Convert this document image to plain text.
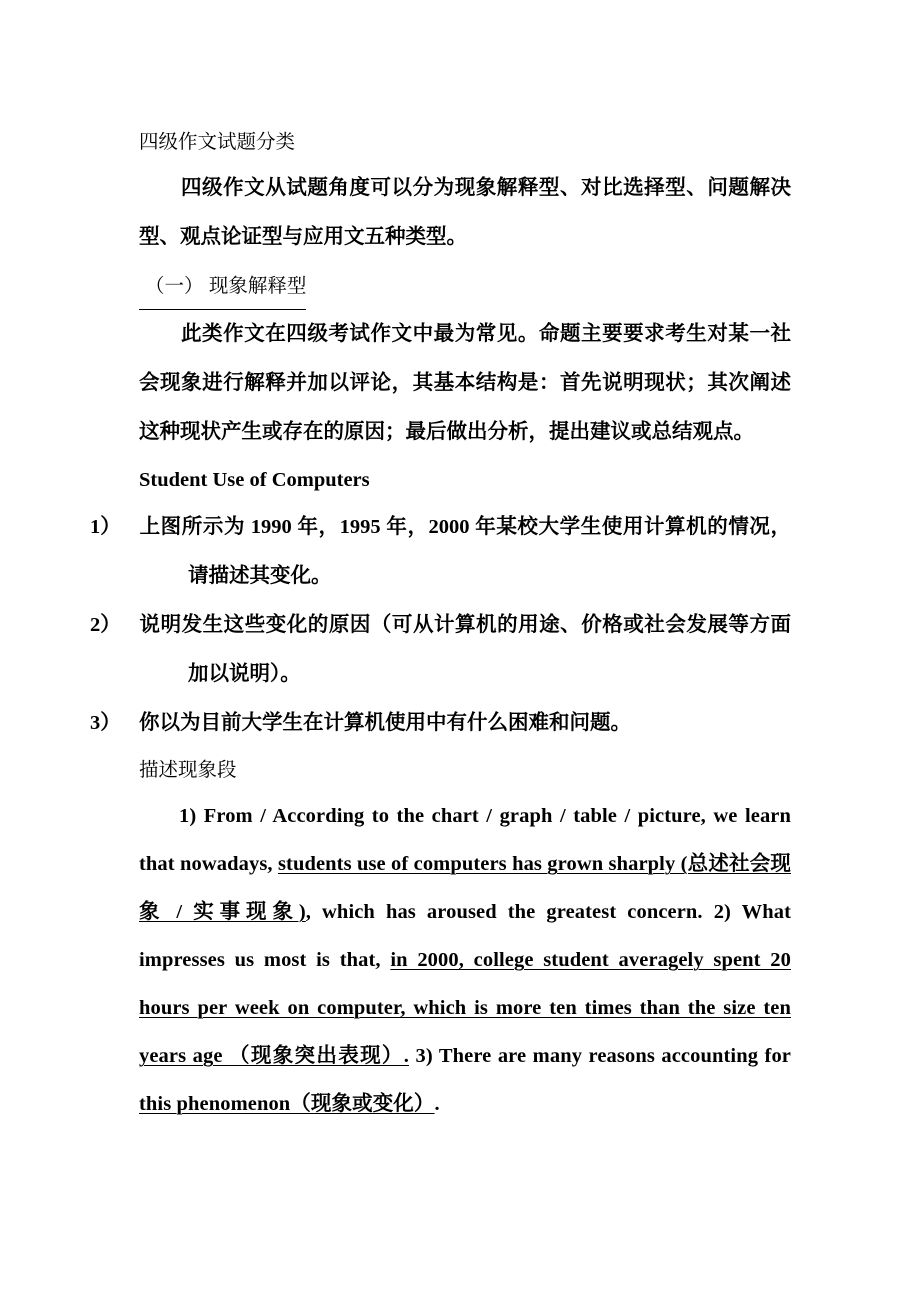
四级作文试题分类

四级作文从试题角度可以分为现象解释型、对比选择型、问题解决型、观点论证型与应用文五种类型。

（一） 现象解释型

此类作文在四级考试作文中最为常见。命题主要要求考生对某一社会现象进行解释并加以评论，其基本结构是：首先说明现状；其次阐述这种现状产生或存在的原因；最后做出分析，提出建议或总结观点。

Student Use of Computers

1） 上图所示为 1990 年，1995 年，2000 年某校大学生使用计算机的情况，请描述其变化。

2） 说明发生这些变化的原因（可从计算机的用途、价格或社会发展等方面加以说明）。

3） 你以为目前大学生在计算机使用中有什么困难和问题。

描述现象段

1) From / According to the chart / graph / table / picture, we learn that nowadays, students use of computers has grown sharply (总述社会现象 / 实事现象), which has aroused the greatest concern. 2) What impresses us most is that, in 2000, college student averagely spent 20 hours per week on computer, which is more ten times than the size ten years age （现象突出表现）. 3) There are many reasons accounting for this phenomenon（现象或变化）.
